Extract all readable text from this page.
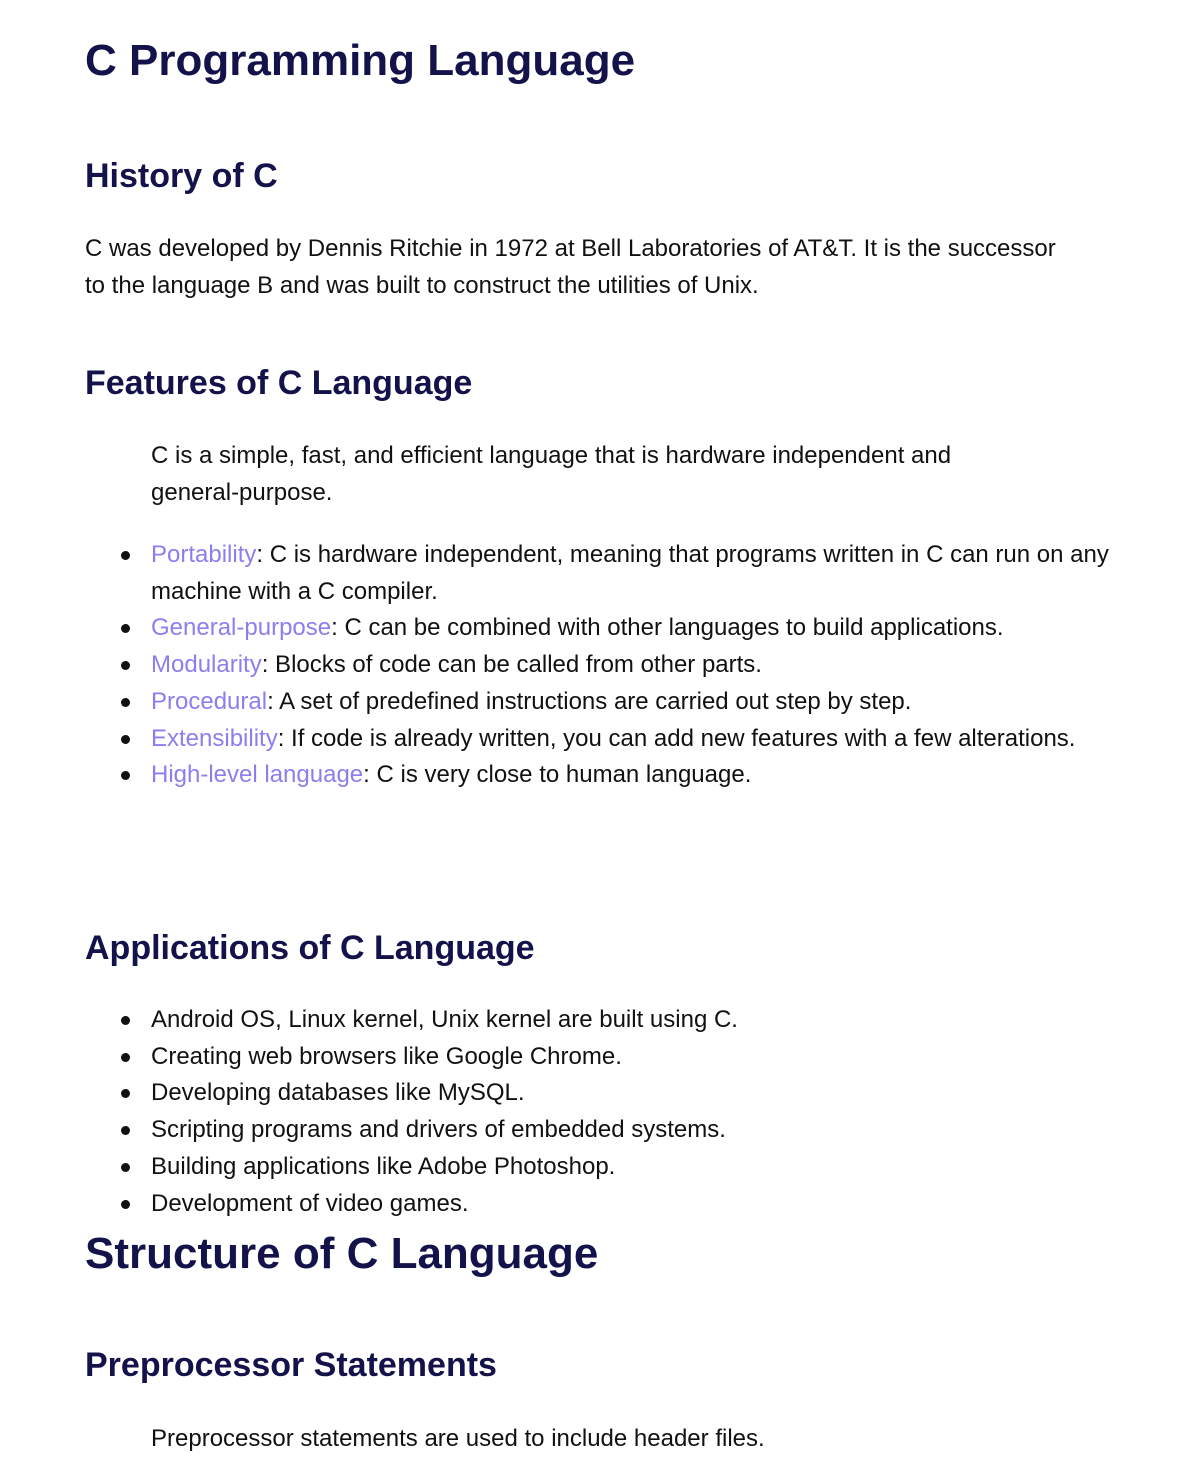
C Programming Language
History of C

C was developed by Dennis Ritchie in 1972 at Bell Laboratories of AT&T. It is the successor to the language B and was built to construct the utilities of Unix.

Features of C Language

C is a simple, fast, and efficient language that is hardware independent and general-purpose.

Portability: C is hardware independent, meaning that programs written in C can run on any machine with a C compiler.
General-purpose: C can be combined with other languages to build applications.
Modularity: Blocks of code can be called from other parts.
Procedural: A set of predefined instructions are carried out step by step.
Extensibility: If code is already written, you can add new features with a few alterations.
High-level language: C is very close to human language.
Applications of C Language
Android OS, Linux kernel, Unix kernel are built using C.
Creating web browsers like Google Chrome.
Developing databases like MySQL.
Scripting programs and drivers of embedded systems.
Building applications like Adobe Photoshop.
Development of video games.
Structure of C Language
Preprocessor Statements

Preprocessor statements are used to include header files.
